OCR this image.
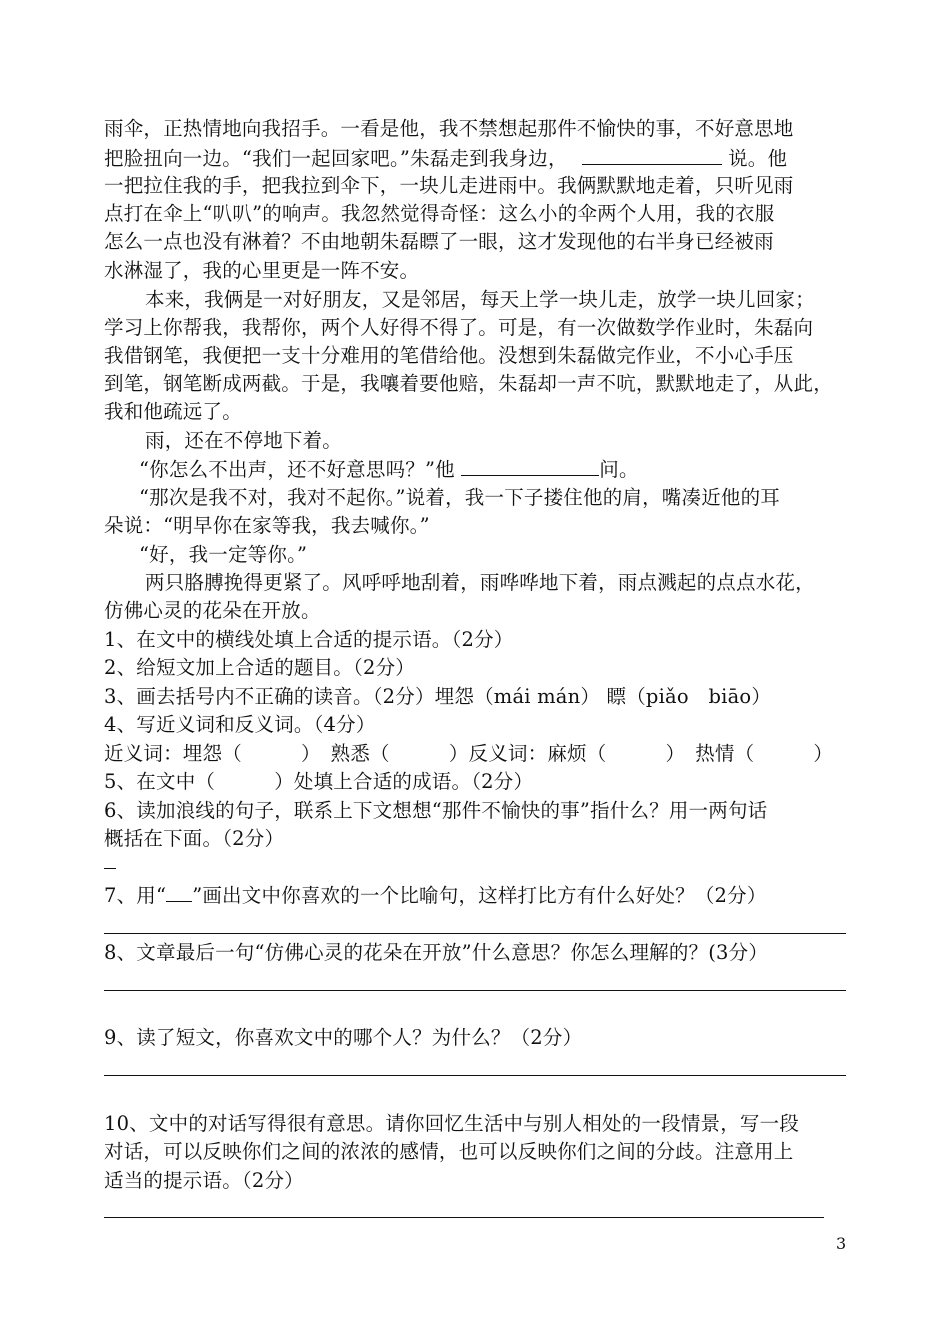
雨伞，正热情地向我招手。一看是他，我不禁想起那件不愉快的事，不好意思地
把脸扭向一边。“我们一起回家吧。”朱磊走到我身边，	说。他
一把拉住我的手，把我拉到伞下，一块儿走进雨中。我俩默默地走着，只听见雨
点打在伞上“叭叭”的响声。我忽然觉得奇怪：这么小的伞两个人用，我的衣服
怎么一点也没有淋着？不由地朝朱磊瞟了一眼，这才发现他的右半身已经被雨
水淋湿了，我的心里更是一阵不安。
本来，我俩是一对好朋友，又是邻居，每天上学一块儿走，放学一块儿回家；
学习上你帮我，我帮你，两个人好得不得了。可是，有一次做数学作业时，朱磊向
我借钢笔，我便把一支十分难用的笔借给他。没想到朱磊做完作业，不小心手压
到笔，钢笔断成两截。于是，我嚷着要他赔，朱磊却一声不吭，默默地走了，从此，
我和他疏远了。
雨，还在不停地下着。
“你怎么不出声，还不好意思吗？”他	问。
“那次是我不对，我对不起你。”说着，我一下子搂住他的肩，嘴凑近他的耳
朵说：“明早你在家等我，我去喊你。”
“好，我一定等你。”
两只胳膊挽得更紧了。风呼呼地刮着，雨哗哗地下着，雨点溅起的点点水花，
仿佛心灵的花朵在开放。
1、在文中的横线处填上合适的提示语。（2分）
2、给短文加上合适的题目。（2分）
3、画去括号内不正确的读音。（2分）埋怨（mái mán） 瞟（piǎo　biāo）
4、写近义词和反义词。（4分）
近义词：埋怨（　　　）　熟悉（　　　）反义词：麻烦（　　　）　热情（　　　）
5、在文中（　　　）处填上合适的成语。（2分）
6、读加浪线的句子，联系上下文想想“那件不愉快的事”指什么？用一两句话
概括在下面。（2分）
7、用“ ”画出文中你喜欢的一个比喻句，这样打比方有什么好处？（2分）
8、文章最后一句“仿佛心灵的花朵在开放”什么意思？你怎么理解的？(3分）
9、读了短文，你喜欢文中的哪个人？为什么？（2分）
10、文中的对话写得很有意思。请你回忆生活中与别人相处的一段情景，写一段
对话，可以反映你们之间的浓浓的感情，也可以反映你们之间的分歧。注意用上
适当的提示语。（2分）
3
